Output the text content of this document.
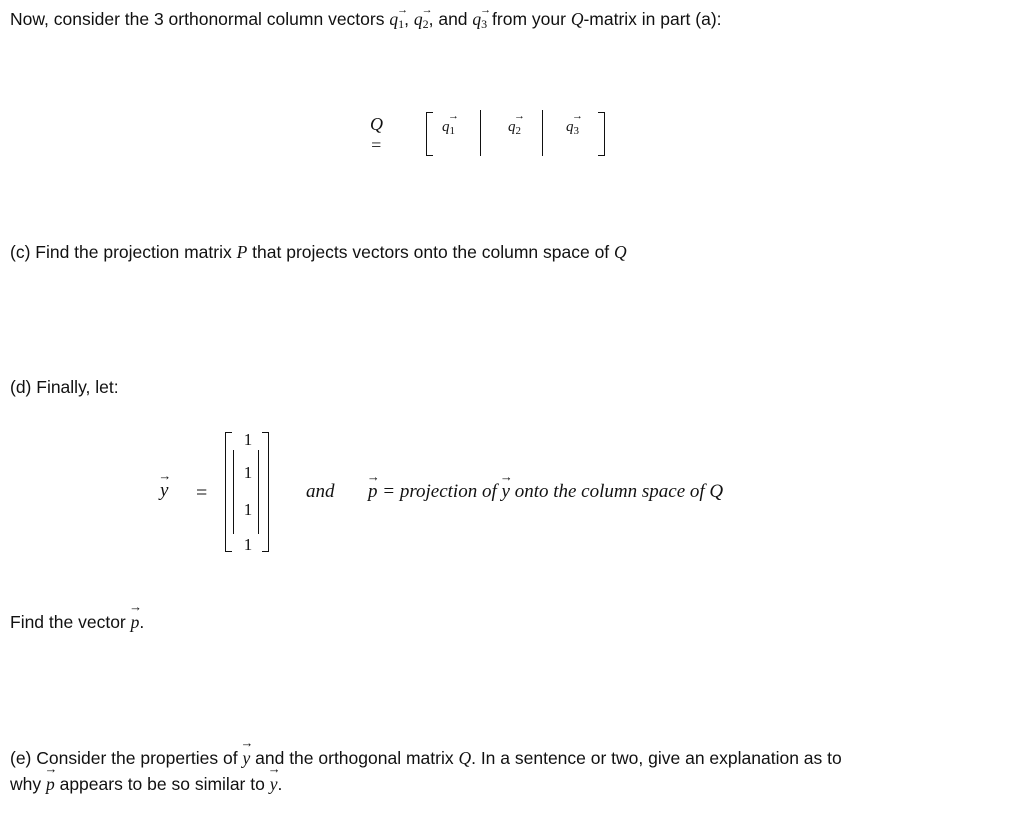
Now, consider the 3 orthonormal column vectors $q_1$ →, q2 →, and q3 → from your Q-matrix in part (a):
Q =
$q_1$ →	$q_2$ →	$q_3$ →
(c) Find the projection matrix P that projects vectors onto the column space of Q
(d) Finally, let:
y → =
1
1
1
1
and p → = projection of y → onto the column space of Q
Find the vector p →.
(e) Consider the properties of y → and the orthogonal matrix Q. In a sentence or two, give an explanation as to
why p → appears to be so similar to y →.
